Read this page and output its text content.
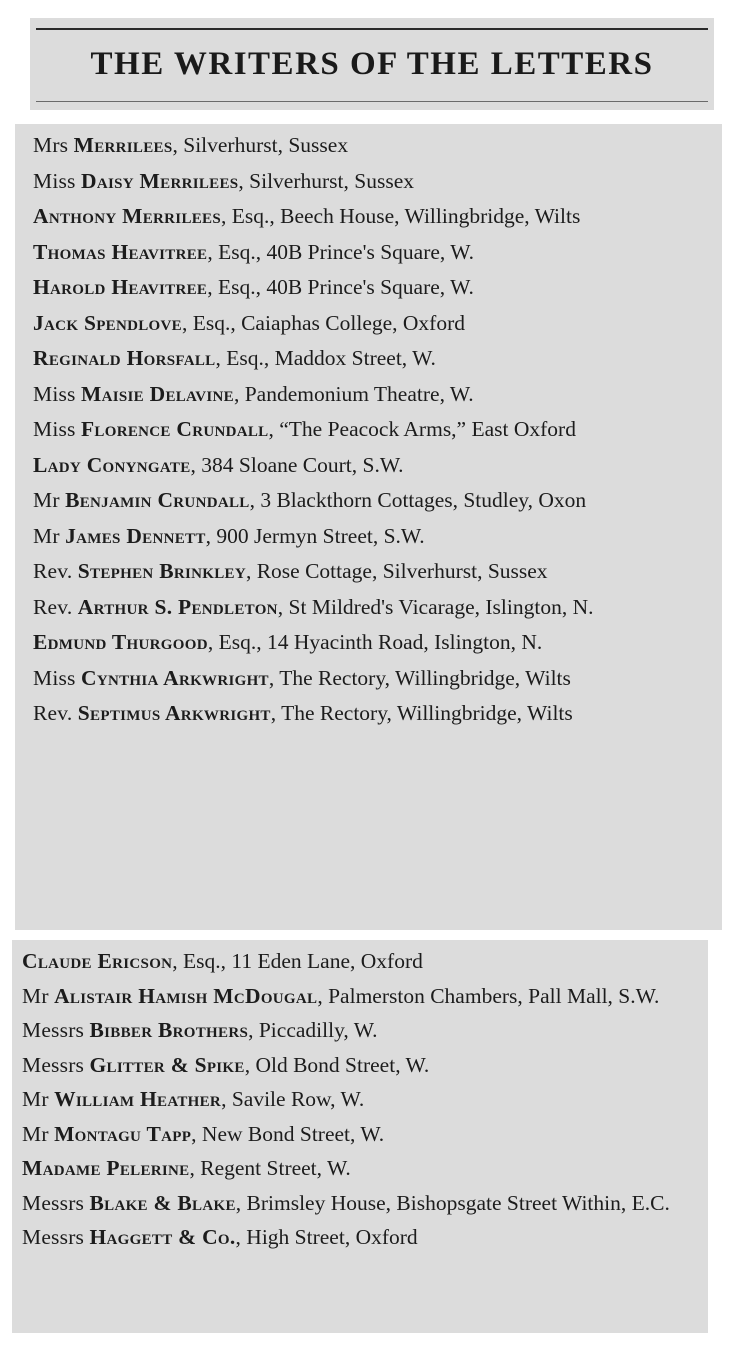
THE WRITERS OF THE LETTERS
Mrs Merrilees, Silverhurst, Sussex
Miss Daisy Merrilees, Silverhurst, Sussex
Anthony Merrilees, Esq., Beech House, Willingbridge, Wilts
Thomas Heavitree, Esq., 40B Prince's Square, W.
Harold Heavitree, Esq., 40B Prince's Square, W.
Jack Spendlove, Esq., Caiaphas College, Oxford
Reginald Horsfall, Esq., Maddox Street, W.
Miss Maisie Delavine, Pandemonium Theatre, W.
Miss Florence Crundall, “The Peacock Arms,” East Oxford
Lady Conyngate, 384 Sloane Court, S.W.
Mr Benjamin Crundall, 3 Blackthorn Cottages, Studley, Oxon
Mr James Dennett, 900 Jermyn Street, S.W.
Rev. Stephen Brinkley, Rose Cottage, Silverhurst, Sussex
Rev. Arthur S. Pendleton, St Mildred's Vicarage, Islington, N.
Edmund Thurgood, Esq., 14 Hyacinth Road, Islington, N.
Miss Cynthia Arkwright, The Rectory, Willingbridge, Wilts
Rev. Septimus Arkwright, The Rectory, Willingbridge, Wilts
Claude Ericson, Esq., 11 Eden Lane, Oxford
Mr Alistair Hamish McDougal, Palmerston Chambers, Pall Mall, S.W.
Messrs Bibber Brothers, Piccadilly, W.
Messrs Glitter & Spike, Old Bond Street, W.
Mr William Heather, Savile Row, W.
Mr Montagu Tapp, New Bond Street, W.
Madame Pelerine, Regent Street, W.
Messrs Blake & Blake, Brimsley House, Bishopsgate Street Within, E.C.
Messrs Haggett & Co., High Street, Oxford
